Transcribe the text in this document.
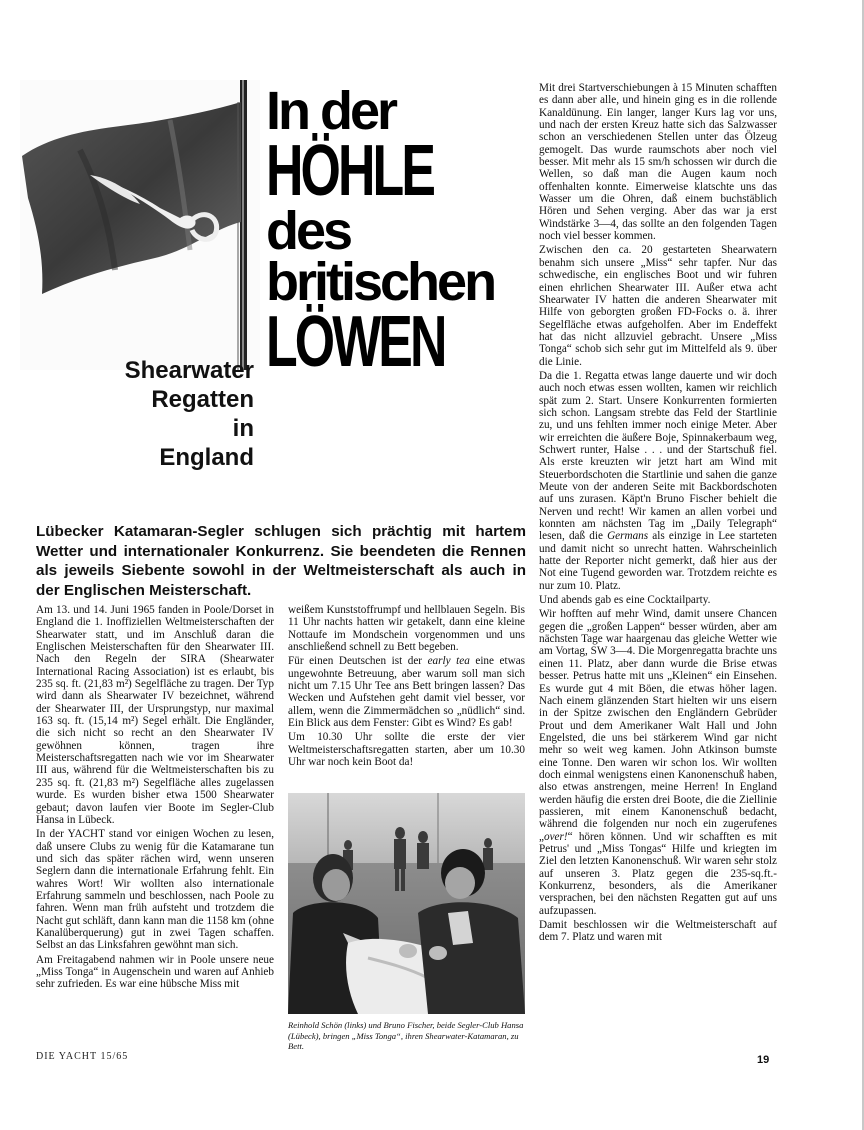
In der
HÖHLE
des
britischen
LÖWEN
Shearwater
Regatten
in
England
Lübecker Katamaran-Segler schlugen sich prächtig mit hartem Wetter und internationaler Konkurrenz. Sie beendeten die Rennen als jeweils Siebente sowohl in der Weltmeisterschaft als auch in der Englischen Meisterschaft.

Am 13. und 14. Juni 1965 fanden in Poole/Dorset in England die 1. Inoffiziellen Weltmeisterschaften der Shearwater statt, und im Anschluß daran die Englischen Meisterschaften für den Shearwater III. Nach den Regeln der SIRA (Shearwater International Racing Association) ist es erlaubt, bis 235 sq. ft. (21,83 m²) Segelfläche zu tragen. Der Typ wird dann als Shearwater IV bezeichnet, während der Shearwater III, der Ursprungstyp, nur maximal 163 sq. ft. (15,14 m²) Segel erhält. Die Engländer, die sich nicht so recht an den Shearwater IV gewöhnen können, tragen ihre Meisterschaftsregatten nach wie vor im Shearwater III aus, während für die Weltmeisterschaften bis zu 235 sq. ft. (21,83 m²) Segelfläche alles zugelassen wurde. Es wurden bisher etwa 1500 Shearwater gebaut; davon laufen vier Boote im Segler-Club Hansa in Lübeck.

In der YACHT stand vor einigen Wochen zu lesen, daß unsere Clubs zu wenig für die Katamarane tun und sich das später rächen wird, wenn unseren Seglern dann die internationale Erfahrung fehlt. Ein wahres Wort! Wir wollten also internationale Erfahrung sammeln und beschlossen, nach Poole zu fahren. Wenn man früh aufsteht und trotzdem die Nacht gut schläft, dann kann man die 1158 km (ohne Kanalüberquerung) gut in zwei Tagen schaffen. Selbst an das Linksfahren gewöhnt man sich.

Am Freitagabend nahmen wir in Poole unsere neue „Miss Tonga“ in Augenschein und waren auf Anhieb sehr zufrieden. Es war eine hübsche Miss mit

weißem Kunststoffrumpf und hellblauen Segeln. Bis 11 Uhr nachts hatten wir getakelt, dann eine kleine Nottaufe im Mondschein vorgenommen und uns anschließend schnell zu Bett begeben.

Für einen Deutschen ist der early tea eine etwas ungewohnte Betreuung, aber warum soll man sich nicht um 7.15 Uhr Tee ans Bett bringen lassen? Das Wecken und Aufstehen geht damit viel besser, vor allem, wenn die Zimmermädchen so „nüdlich“ sind. Ein Blick aus dem Fenster: Gibt es Wind? Es gab!

Um 10.30 Uhr sollte die erste der vier Weltmeisterschaftsregatten starten, aber um 10.30 Uhr war noch kein Boot da!

Reinhold Schön (links) und Bruno Fischer, beide Segler-Club Hansa (Lübeck), bringen „Miss Tonga“, ihren Shearwater-Katamaran, zu Bett.

Mit drei Startverschiebungen à 15 Minuten schafften es dann aber alle, und hinein ging es in die rollende Kanaldünung. Ein langer, langer Kurs lag vor uns, und nach der ersten Kreuz hatte sich das Salzwasser schon an verschiedenen Stellen unter das Ölzeug gemogelt. Das wurde raumschots aber noch viel besser. Mit mehr als 15 sm/h schossen wir durch die Wellen, so daß man die Augen kaum noch offenhalten konnte. Eimerweise klatschte uns das Wasser um die Ohren, daß einem buchstäblich Hören und Sehen verging. Aber das war ja erst Windstärke 3—4, das sollte an den folgenden Tagen noch viel besser kommen.

Zwischen den ca. 20 gestarteten Shearwatern benahm sich unsere „Miss“ sehr tapfer. Nur das schwedische, ein englisches Boot und wir fuhren einen ehrlichen Shearwater III. Außer etwa acht Shearwater IV hatten die anderen Shearwater mit Hilfe von geborgten großen FD-Focks o. ä. ihrer Segelfläche etwas aufgeholfen. Aber im Endeffekt hat das nicht allzuviel gebracht. Unsere „Miss Tonga“ schob sich sehr gut im Mittelfeld als 9. über die Linie.

Da die 1. Regatta etwas lange dauerte und wir doch auch noch etwas essen wollten, kamen wir reichlich spät zum 2. Start. Unsere Konkurrenten formierten sich schon. Langsam strebte das Feld der Startlinie zu, und uns fehlten immer noch einige Meter. Aber wir erreichten die äußere Boje, Spinnakerbaum weg, Schwert runter, Halse . . . und der Startschuß fiel. Als erste kreuzten wir jetzt hart am Wind mit Steuerbordschoten die Startlinie und sahen die ganze Meute von der anderen Seite mit Backbordschoten auf uns zurasen. Käpt'n Bruno Fischer behielt die Nerven und recht! Wir kamen an allen vorbei und konnten am nächsten Tag im „Daily Telegraph“ lesen, daß die Germans als einzige in Lee starteten und damit nicht so unrecht hatten. Wahrscheinlich hatte der Reporter nicht gemerkt, daß hier aus der Not eine Tugend geworden war. Trotzdem reichte es nur zum 10. Platz.

Und abends gab es eine Cocktailparty.

Wir hofften auf mehr Wind, damit unsere Chancen gegen die „großen Lappen“ besser würden, aber am nächsten Tage war haargenau das gleiche Wetter wie am Vortag, SW 3—4. Die Morgenregatta brachte uns einen 11. Platz, aber dann wurde die Brise etwas besser. Petrus hatte mit uns „Kleinen“ ein Einsehen. Es wurde gut 4 mit Böen, die etwas höher lagen. Nach einem glänzenden Start hielten wir uns eisern in der Spitze zwischen den Engländern Gebrüder Prout und dem Amerikaner Walt Hall und John Engelsted, die uns bei stärkerem Wind gar nicht mehr so weit weg kamen. John Atkinson bumste eine Tonne. Den waren wir schon los. Wir wollten doch einmal wenigstens einen Kanonenschuß haben, also etwas anstrengen, meine Herren! In England werden häufig die ersten drei Boote, die die Ziellinie passieren, mit einem Kanonenschuß bedacht, während die folgenden nur noch ein zugerufenes „over!“ hören können. Und wir schafften es mit Petrus' und „Miss Tongas“ Hilfe und kriegten im Ziel den letzten Kanonenschuß. Wir waren sehr stolz auf unseren 3. Platz gegen die 235-sq.ft.-Konkurrenz, besonders, als die Amerikaner versprachen, bei den nächsten Regatten gut auf uns aufzupassen.

Damit beschlossen wir die Weltmeisterschaft auf dem 7. Platz und waren mit

DIE YACHT 15/65	19
